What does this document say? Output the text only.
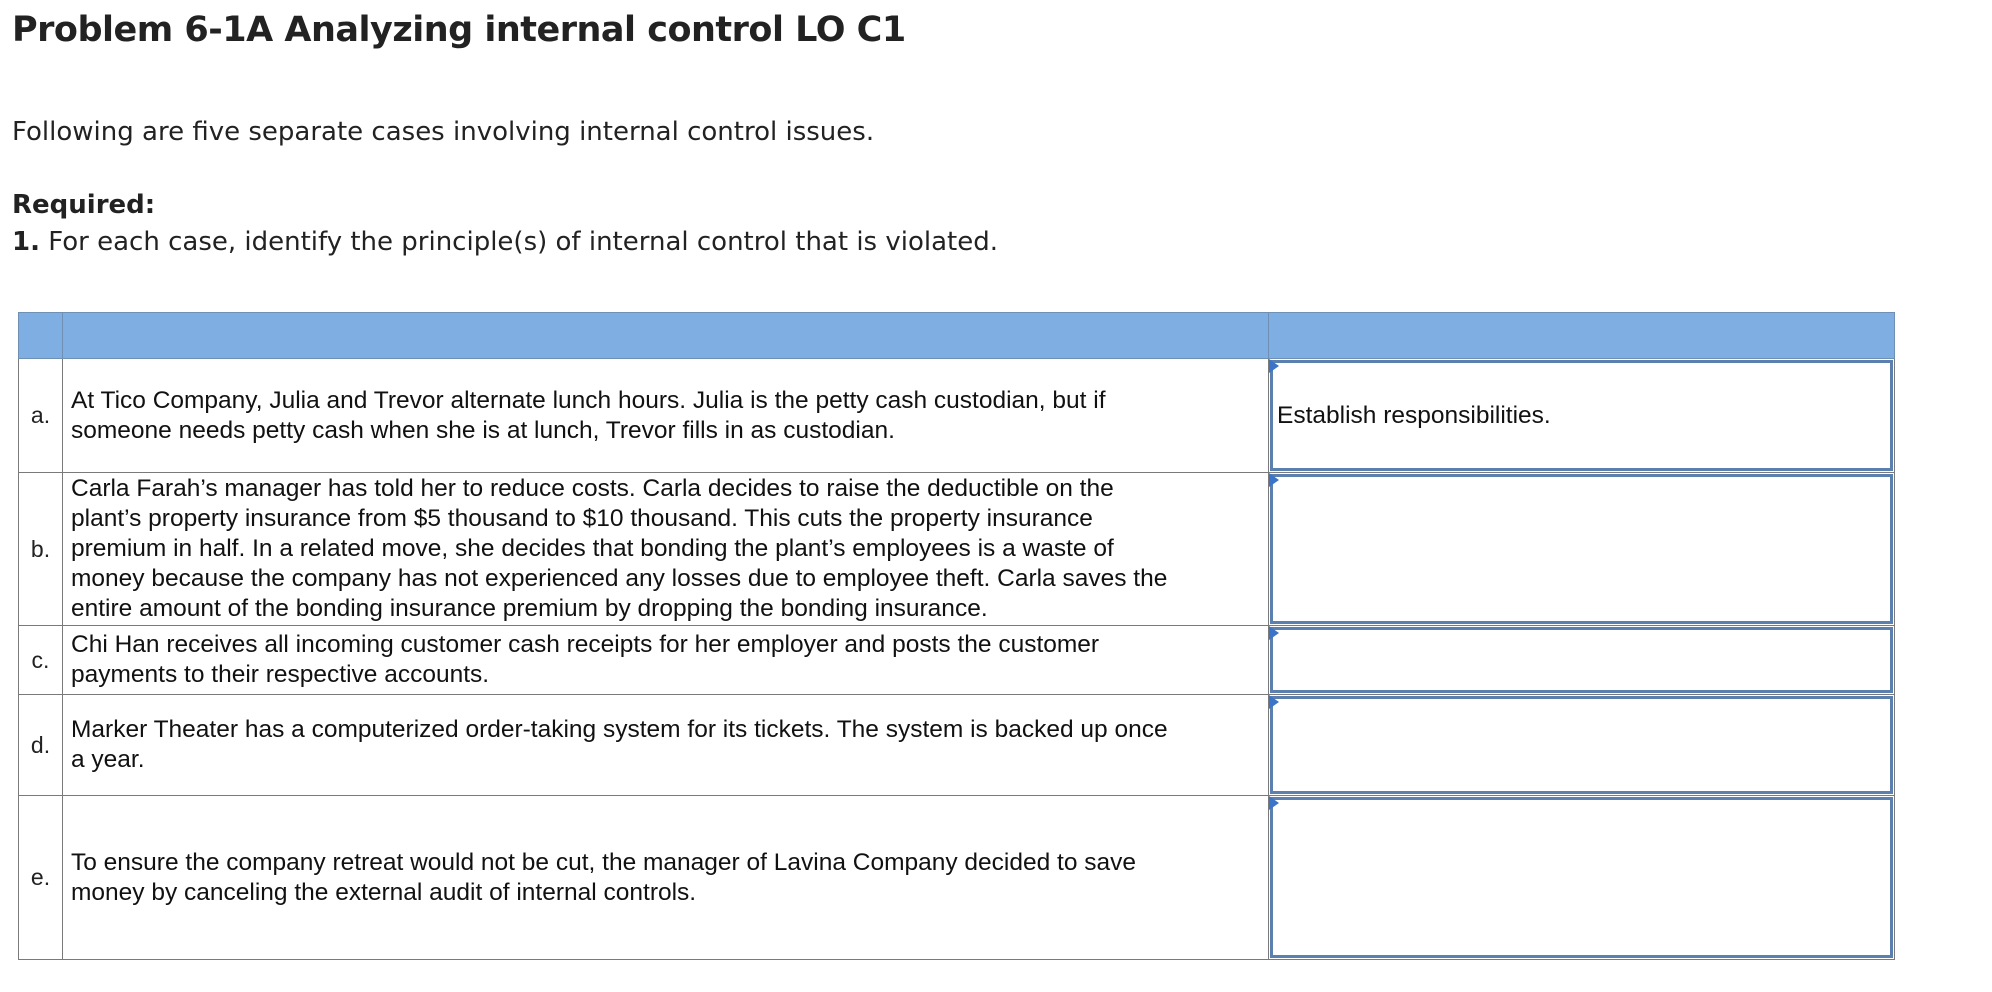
Problem 6-1A Analyzing internal control LO C1
Following are five separate cases involving internal control issues.
Required:
1. For each case, identify the principle(s) of internal control that is violated.

a.	At Tico Company, Julia and Trevor alternate lunch hours. Julia is the petty cash custodian, but if
someone needs petty cash when she is at lunch, Trevor fills in as custodian.	Establish responsibilities.

b.	Carla Farah’s manager has told her to reduce costs. Carla decides to raise the deductible on the
plant’s property insurance from $5 thousand to $10 thousand. This cuts the property insurance
premium in half. In a related move, she decides that bonding the plant’s employees is a waste of
money because the company has not experienced any losses due to employee theft. Carla saves the
entire amount of the bonding insurance premium by dropping the bonding insurance.	

c.	Chi Han receives all incoming customer cash receipts for her employer and posts the customer
payments to their respective accounts.	

d.	Marker Theater has a computerized order-taking system for its tickets. The system is backed up once
a year.	

e.	To ensure the company retreat would not be cut, the manager of Lavina Company decided to save
money by canceling the external audit of internal controls.	
